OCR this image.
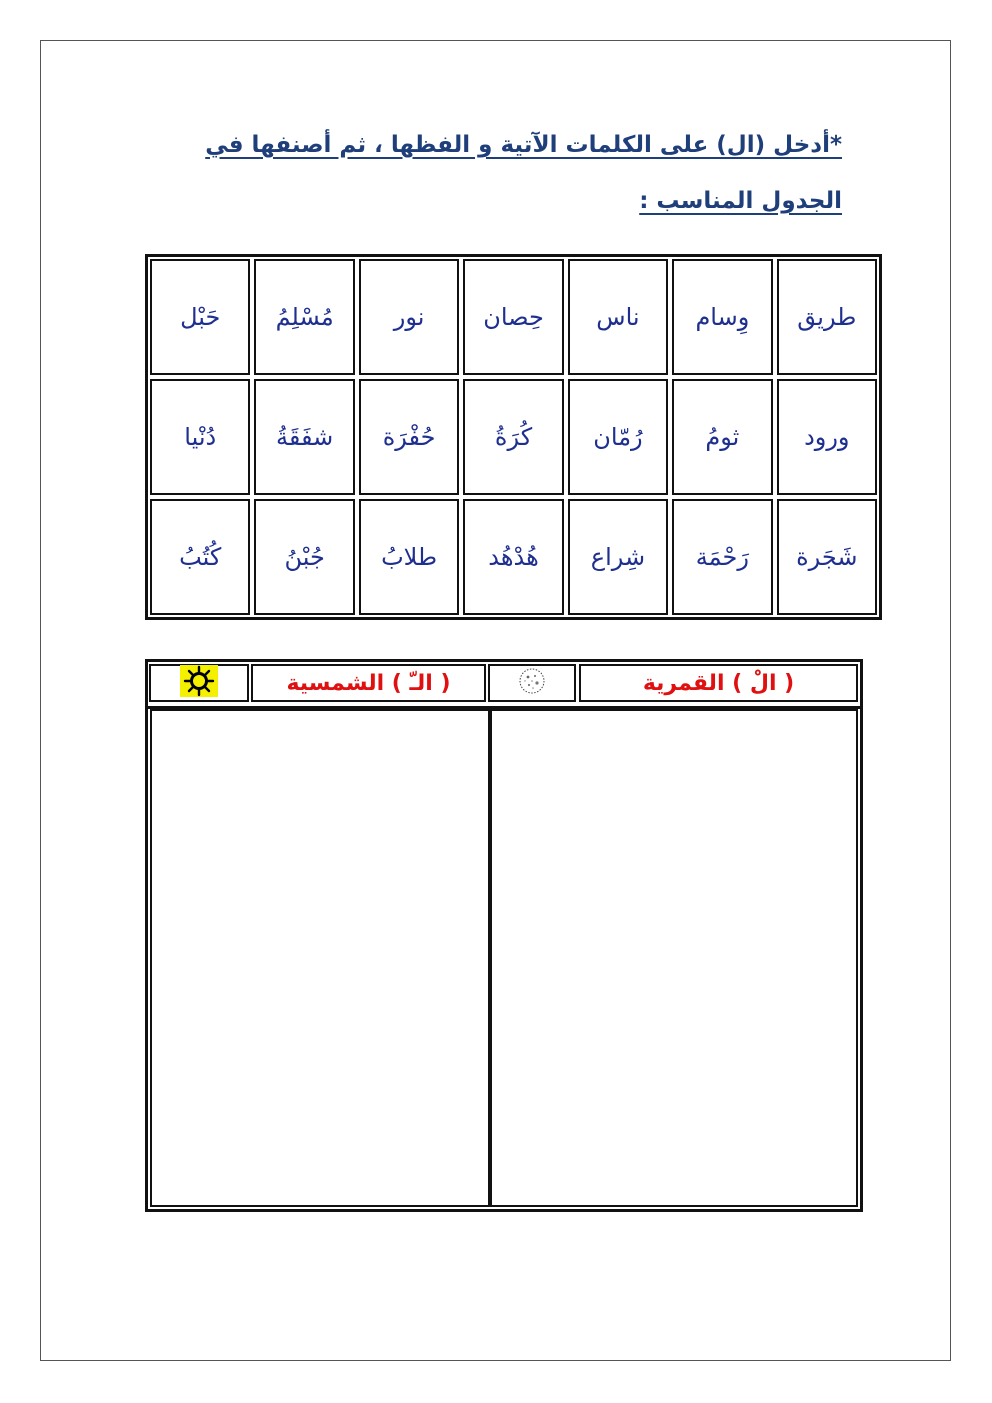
*أدخل (ال) على الكلمات الآتية و الفظها ، ثم أصنفها في
الجدول المناسب :
طريق
وِسام
ناس
حِصان
نور
مُسْلِمُ
حَبْل
ورود
ثومُ
رُمّان
كُرَةُ
حُفْرَة
شفَقَةُ
دُنْيا
شَجَرة
رَحْمَة
شِراع
هُدْهُد
طلابُ
جُبْنُ
كُتُبُ
( الْ ) القمرية
( الـّ ) الشمسية
